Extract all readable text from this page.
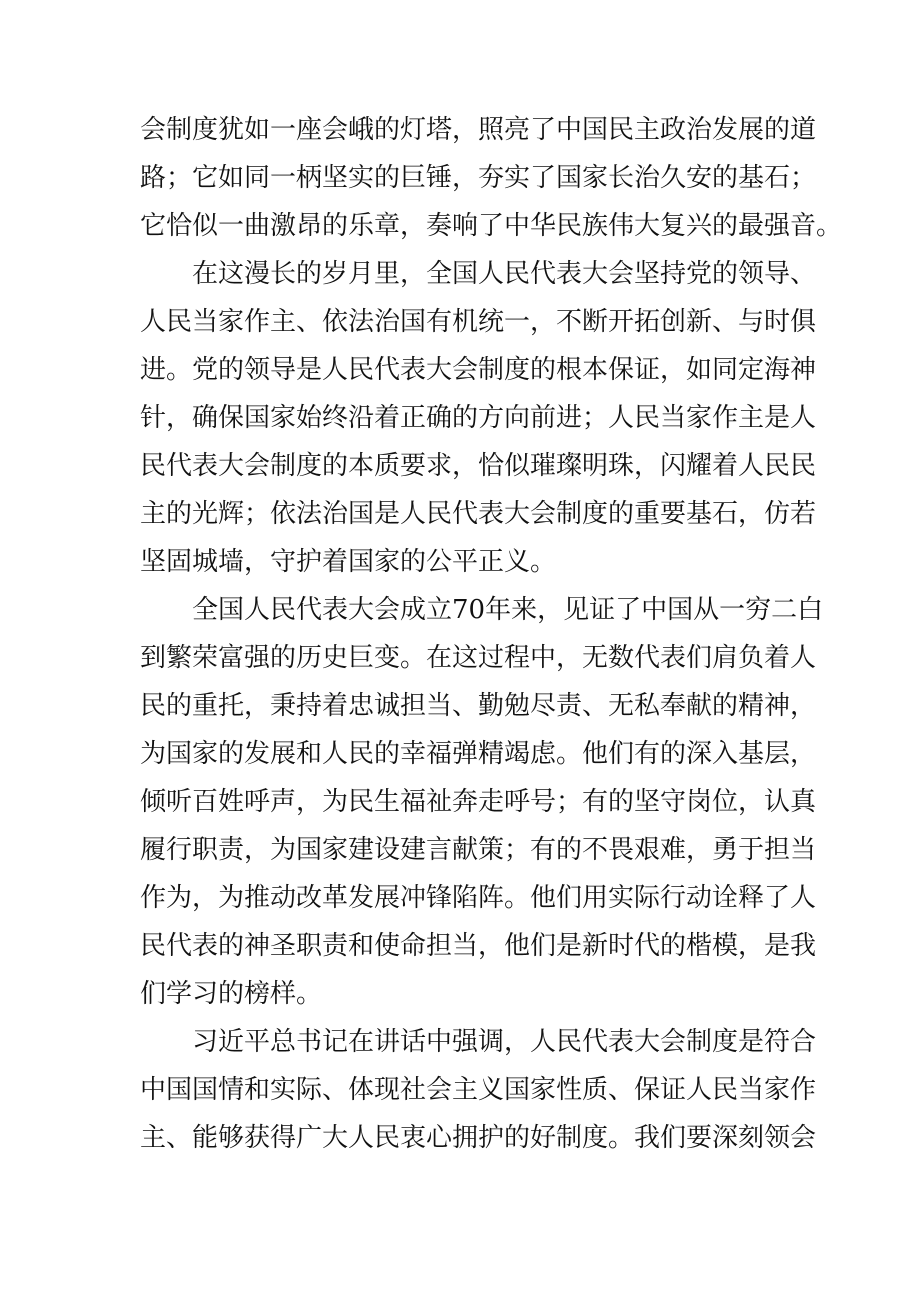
会制度犹如一座会峨的灯塔，照亮了中国民主政治发展的道
路；它如同一柄坚实的巨锤，夯实了国家长治久安的基石；
它恰似一曲激昂的乐章，奏响了中华民族伟大复兴的最强音。
在这漫长的岁月里，全国人民代表大会坚持党的领导、
人民当家作主、依法治国有机统一，不断开拓创新、与时俱
进。党的领导是人民代表大会制度的根本保证，如同定海神
针，确保国家始终沿着正确的方向前进；人民当家作主是人
民代表大会制度的本质要求，恰似璀璨明珠，闪耀着人民民
主的光辉；依法治国是人民代表大会制度的重要基石，仿若
坚固城墙，守护着国家的公平正义。
全国人民代表大会成立70年来，见证了中国从一穷二白
到繁荣富强的历史巨变。在这过程中，无数代表们肩负着人
民的重托，秉持着忠诚担当、勤勉尽责、无私奉献的精神，
为国家的发展和人民的幸福弹精竭虑。他们有的深入基层，
倾听百姓呼声，为民生福祉奔走呼号；有的坚守岗位，认真
履行职责，为国家建设建言献策；有的不畏艰难，勇于担当
作为，为推动改革发展冲锋陷阵。他们用实际行动诠释了人
民代表的神圣职责和使命担当，他们是新时代的楷模，是我
们学习的榜样。
习近平总书记在讲话中强调，人民代表大会制度是符合
中国国情和实际、体现社会主义国家性质、保证人民当家作
主、能够获得广大人民衷心拥护的好制度。我们要深刻领会
